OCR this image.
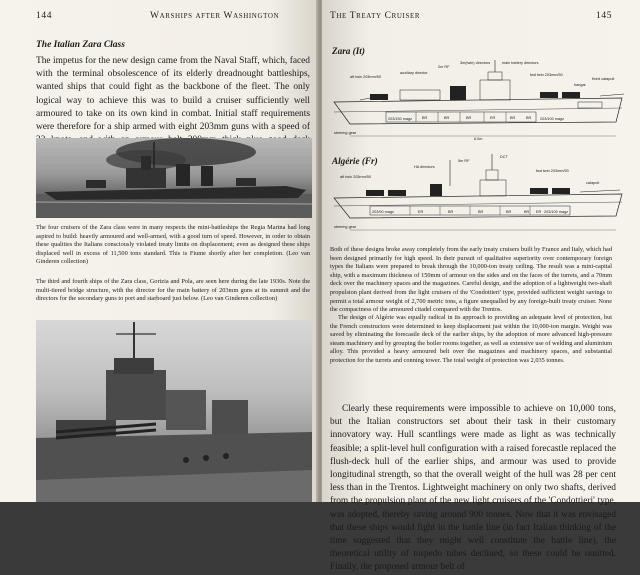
144	Warships after Washington
The Italian Zara Class
The impetus for the new design came from the Naval Staff, which, faced with the terminal obsolescence of its elderly dreadnought battleships, wanted ships that could fight as the backbone of the fleet. The only logical way to achieve this was to build a cruiser sufficiently well armoured to take on its own kind in combat. Initial staff requirements were therefore for a ship armed with eight 203mm guns with a speed of
The four cruisers of the Zara class were in many respects the mini-battleships the Regia Marina had long aspired to build: heavily armoured and well-armed, with a good turn of speed. However, in order to obtain these qualities the Italians consciously violated treaty limits on displacement; even as designed these ships displaced well in excess of 11,500 tons standard. This is Fiume shortly after her completion. (Leo van Ginderen collection)
The third and fourth ships of the Zara class, Gorizia and Pola, are seen here during the late 1930s. Note the multi-tiered bridge structure, with the director for the main battery of 203mm guns at its summit and the directors for the secondary guns to port and starboard just below. (Leo van Ginderen collection)
The Treaty Cruiser	145
Zara (It)
aft twin 203mm/50
auxiliary director
2m RF
3m(twin) directors	main battery directors
fwd twin 203mm/50
hangar
fixed catapult
203/150 magz	BR	BR	BR	ER	BR	BR 203/100 magz
steering gear
6.0m
Algérie (Fr)
aft twin 203mm/50
HA directors
5m RF
DCT
fwd twin 203mm/50
catapult
203/90 magz	ER	BR	BR	BR	BR ER 203/100 magz
steering gear
Both of these designs broke away completely from the early treaty cruisers built by France and Italy, which had been designed primarily for high speed. In their pursuit of qualitative superiority over contemporary foreign types the Italians were prepared to break through the 10,000-ton treaty ceiling. The result was a mini-capital ship, with a maximum thickness of 150mm of armour on the sides and on the faces of the turrets, and a 70mm deck over the machinery spaces and the magazines. Careful design, and the adoption of a lightweight two-shaft propulsion plant derived from the light cruisers of the 'Condottieri' type, provided sufficient weight savings to permit a total armour weight of 2,700 metric tons, a figure unequalled by any foreign-built treaty cruiser. None the compactness of the armoured citadel compared with the Trentos.
The design of Algérie was equally radical in its approach to providing an adequate level of protection, but the French constructors were determined to keep displacement just within the 10,000-ton margin. Weight was saved by eliminating the forecastle deck of the earlier ships, by the adoption of more advanced high-pressure steam machinery and by grouping the boiler rooms together, as well as extensive use of welding and aluminium alloy. This provided a heavy armoured belt over the magazines and machinery spaces, and substantial protection for the turrets and conning tower. The total weight of protection was 2,035 tonnes.
Clearly these requirements were impossible to achieve on 10,000 tons, but the Italian constructors set about their task in their customary innovatory way. Hull scantlings were made as light as was technically feasible; a split-level hull configuration with a raised forecastle replaced the flush-deck hull of the earlier ships, and armour was used to provide longitudinal strength, so that the overall weight of the hull was 28 per cent less than in the Trentos. Lightweight machinery on only two shafts, derived from the propulsion plant of the new light cruisers of the 'Condottieri' type, was adopted, thereby saving around 900 tonnes. Now that it was envisaged that these ships would fight in the battle line (in fact Italian thinking of the time suggested that they might well constitute the battle line), the theoretical utility of torpedo tubes declined, so these could be omitted. Finally, the proposed armour belt of
